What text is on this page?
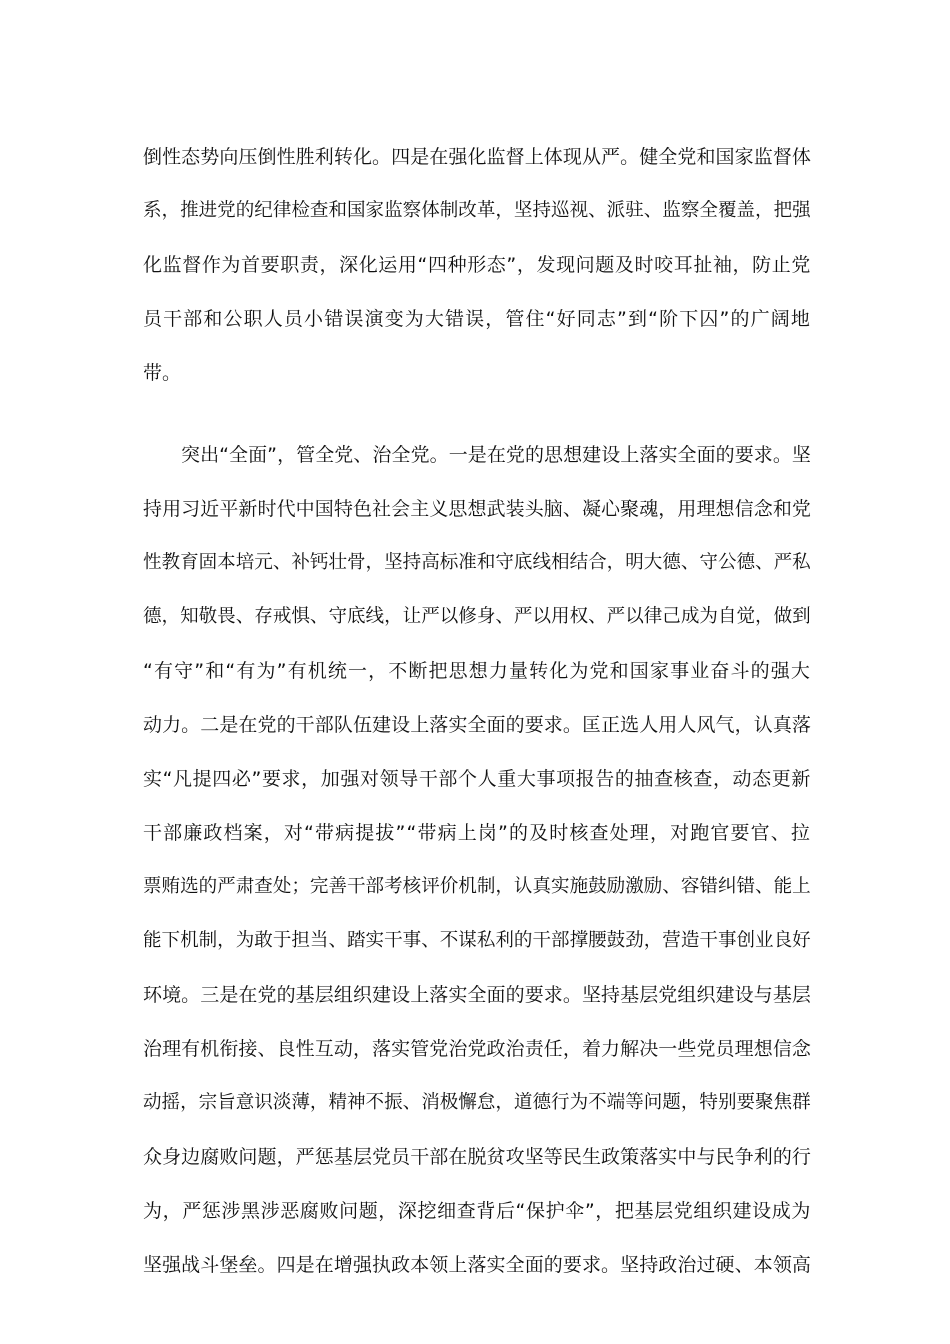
倒性态势向压倒性胜利转化。四是在强化监督上体现从严。健全党和国家监督体
系，推进党的纪律检查和国家监察体制改革，坚持巡视、派驻、监察全覆盖，把强
化监督作为首要职责，深化运用“四种形态”，发现问题及时咬耳扯袖，防止党
员干部和公职人员小错误演变为大错误，管住“好同志”到“阶下囚”的广阔地
带。
突出“全面”，管全党、治全党。一是在党的思想建设上落实全面的要求。坚
持用习近平新时代中国特色社会主义思想武装头脑、凝心聚魂，用理想信念和党
性教育固本培元、补钙壮骨，坚持高标准和守底线相结合，明大德、守公德、严私
德，知敬畏、存戒惧、守底线，让严以修身、严以用权、严以律己成为自觉，做到
“有守”和“有为”有机统一，不断把思想力量转化为党和国家事业奋斗的强大
动力。二是在党的干部队伍建设上落实全面的要求。匡正选人用人风气，认真落
实“凡提四必”要求，加强对领导干部个人重大事项报告的抽查核查，动态更新
干部廉政档案，对“带病提拔”“带病上岗”的及时核查处理，对跑官要官、拉
票贿选的严肃查处；完善干部考核评价机制，认真实施鼓励激励、容错纠错、能上
能下机制，为敢于担当、踏实干事、不谋私利的干部撑腰鼓劲，营造干事创业良好
环境。三是在党的基层组织建设上落实全面的要求。坚持基层党组织建设与基层
治理有机衔接、良性互动，落实管党治党政治责任，着力解决一些党员理想信念
动摇，宗旨意识淡薄，精神不振、消极懈怠，道德行为不端等问题，特别要聚焦群
众身边腐败问题，严惩基层党员干部在脱贫攻坚等民生政策落实中与民争利的行
为，严惩涉黑涉恶腐败问题，深挖细查背后“保护伞”，把基层党组织建设成为
坚强战斗堡垒。四是在增强执政本领上落实全面的要求。坚持政治过硬、本领高
